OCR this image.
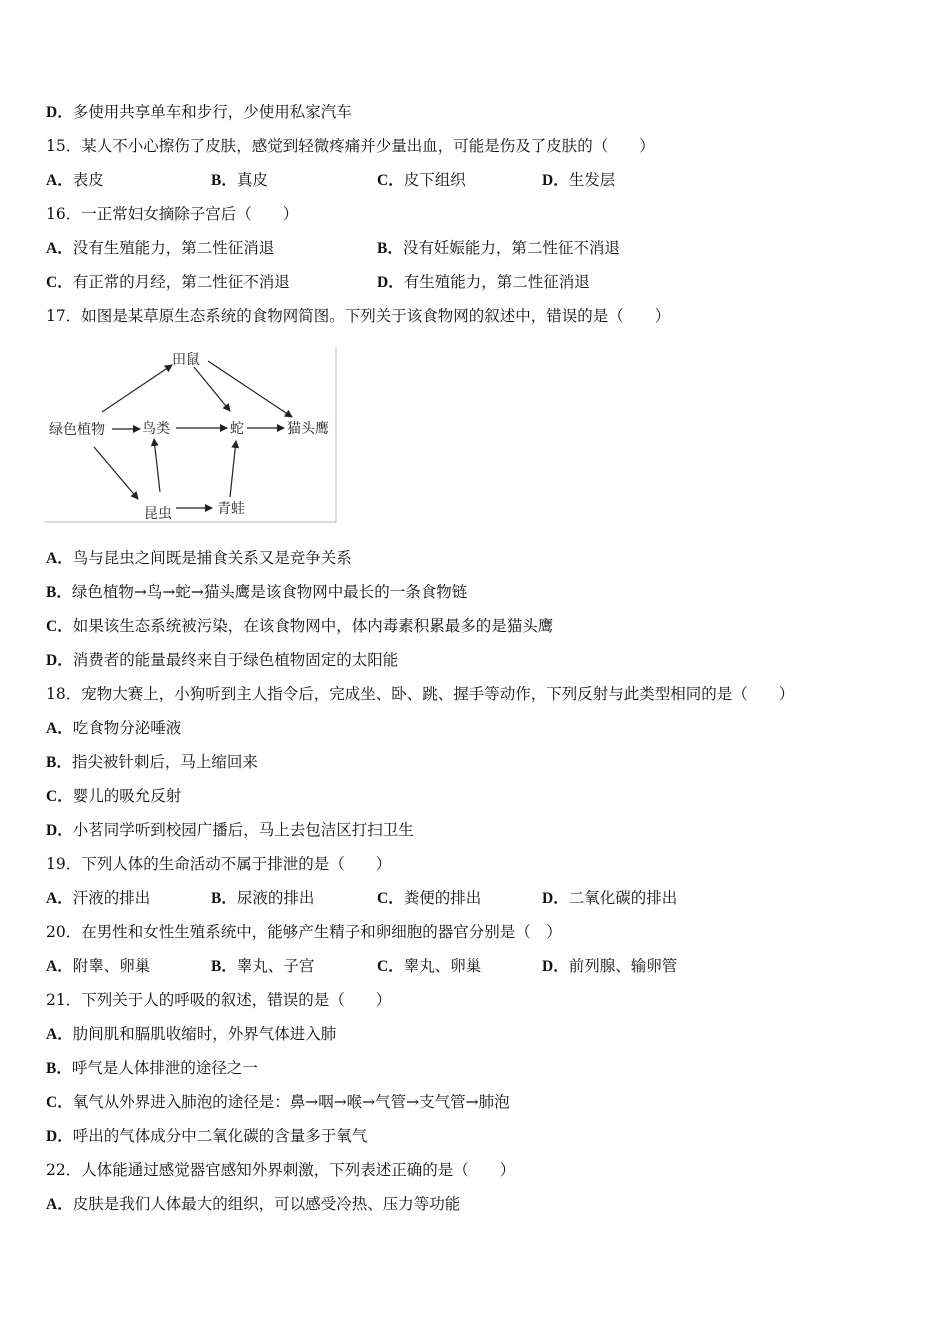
D．多使用共享单车和步行，少使用私家汽车
15．某人不小心擦伤了皮肤，感觉到轻微疼痛并少量出血，可能是伤及了皮肤的（　　）
A．表皮	B．真皮	C．皮下组织	D．生发层
16．一正常妇女摘除子宫后（　　）
A．没有生殖能力，第二性征消退	B．没有妊娠能力，第二性征不消退
C．有正常的月经，第二性征不消退	D．有生殖能力，第二性征消退
17．如图是某草原生态系统的食物网简图。下列关于该食物网的叙述中，错误的是（　　）
田鼠
绿色植物	鸟类	蛇	猫头鹰
昆虫	青蛙
A．鸟与昆虫之间既是捕食关系又是竞争关系
B．绿色植物→鸟→蛇→猫头鹰是该食物网中最长的一条食物链
C．如果该生态系统被污染，在该食物网中，体内毒素积累最多的是猫头鹰
D．消费者的能量最终来自于绿色植物固定的太阳能
18．宠物大赛上，小狗听到主人指令后，完成坐、卧、跳、握手等动作，下列反射与此类型相同的是（　　）
A．吃食物分泌唾液
B．指尖被针刺后，马上缩回来
C．婴儿的吸允反射
D．小茗同学听到校园广播后，马上去包洁区打扫卫生
19．下列人体的生命活动不属于排泄的是（　　）
A．汗液的排出	B．尿液的排出	C．粪便的排出	D．二氧化碳的排出
20．在男性和女性生殖系统中，能够产生精子和卵细胞的器官分别是（　）
A．附睾、卵巢	B．睾丸、子宫	C．睾丸、卵巢	D．前列腺、输卵管
21．下列关于人的呼吸的叙述，错误的是（　　）
A．肋间肌和膈肌收缩时，外界气体进入肺
B．呼气是人体排泄的途径之一
C．氧气从外界进入肺泡的途径是：鼻→咽→喉→气管→支气管→肺泡
D．呼出的气体成分中二氧化碳的含量多于氧气
22．人体能通过感觉器官感知外界刺激，下列表述正确的是（　　）
A．皮肤是我们人体最大的组织，可以感受冷热、压力等功能
